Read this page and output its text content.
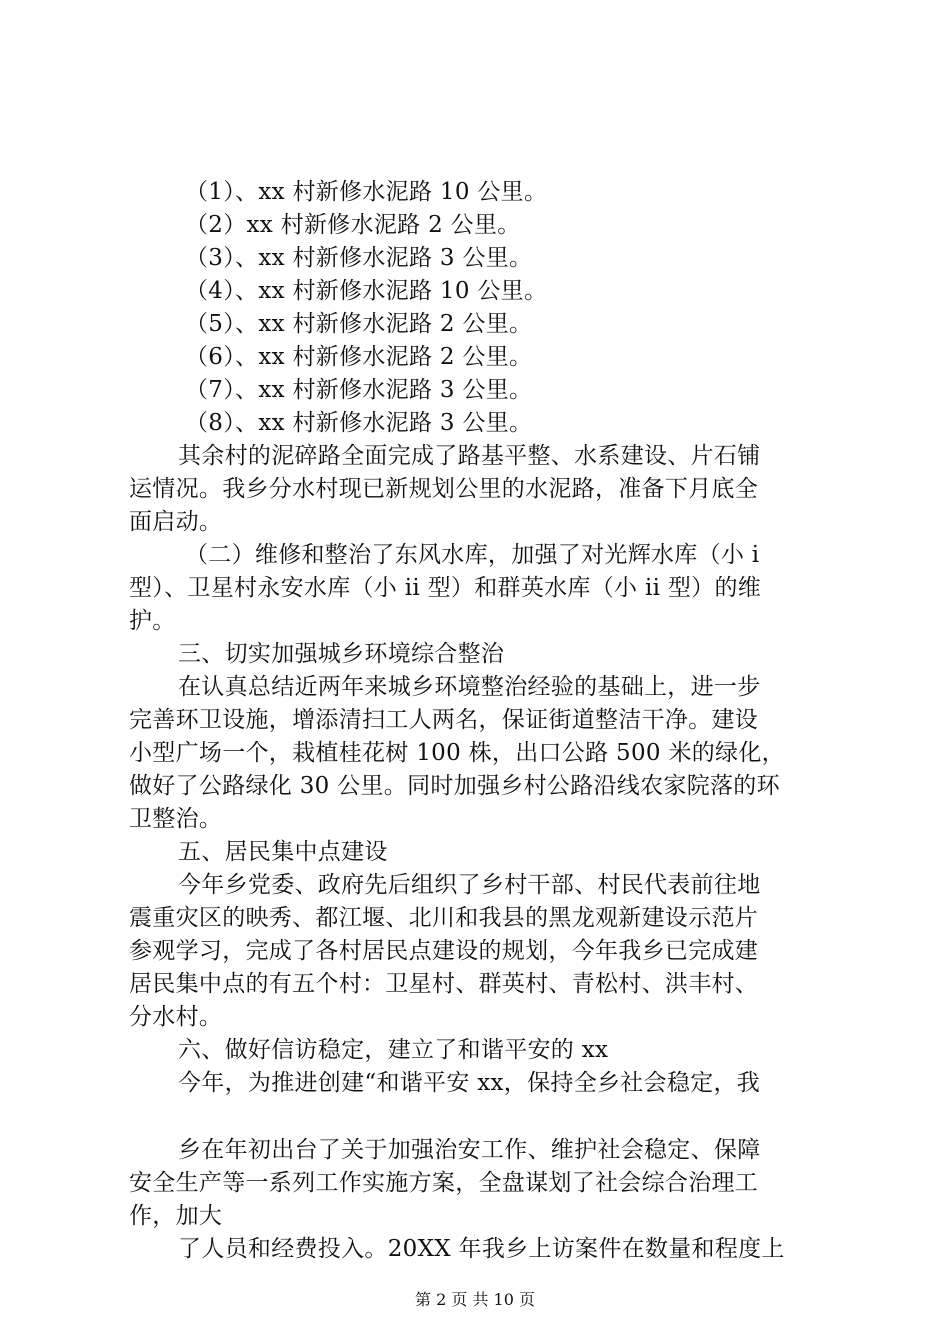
（1）、xx 村新修水泥路 10 公里。
（2）xx 村新修水泥路 2 公里。
（3）、xx 村新修水泥路 3 公里。
（4）、xx 村新修水泥路 10 公里。
（5）、xx 村新修水泥路 2 公里。
（6）、xx 村新修水泥路 2 公里。
（7）、xx 村新修水泥路 3 公里。
（8）、xx 村新修水泥路 3 公里。
其余村的泥碎路全面完成了路基平整、水系建设、片石铺
运情况。我乡分水村现已新规划公里的水泥路，准备下月底全
面启动。
（二）维修和整治了东风水库，加强了对光辉水库（小 i
型）、卫星村永安水库（小 ii 型）和群英水库（小 ii 型）的维
护。
三、切实加强城乡环境综合整治
在认真总结近两年来城乡环境整治经验的基础上，进一步
完善环卫设施，增添清扫工人两名，保证街道整洁干净。建设
小型广场一个，栽植桂花树 100 株，出口公路 500 米的绿化，
做好了公路绿化 30 公里。同时加强乡村公路沿线农家院落的环
卫整治。
五、居民集中点建设
今年乡党委、政府先后组织了乡村干部、村民代表前往地
震重灾区的映秀、都江堰、北川和我县的黑龙观新建设示范片
参观学习，完成了各村居民点建设的规划，今年我乡已完成建
居民集中点的有五个村：卫星村、群英村、青松村、洪丰村、
分水村。
六、做好信访稳定，建立了和谐平安的 xx
今年，为推进创建“和谐平安 xx，保持全乡社会稳定，我
乡在年初出台了关于加强治安工作、维护社会稳定、保障
安全生产等一系列工作实施方案，全盘谋划了社会综合治理工
作，加大
了人员和经费投入。20XX 年我乡上访案件在数量和程度上
第 2 页 共 10 页
